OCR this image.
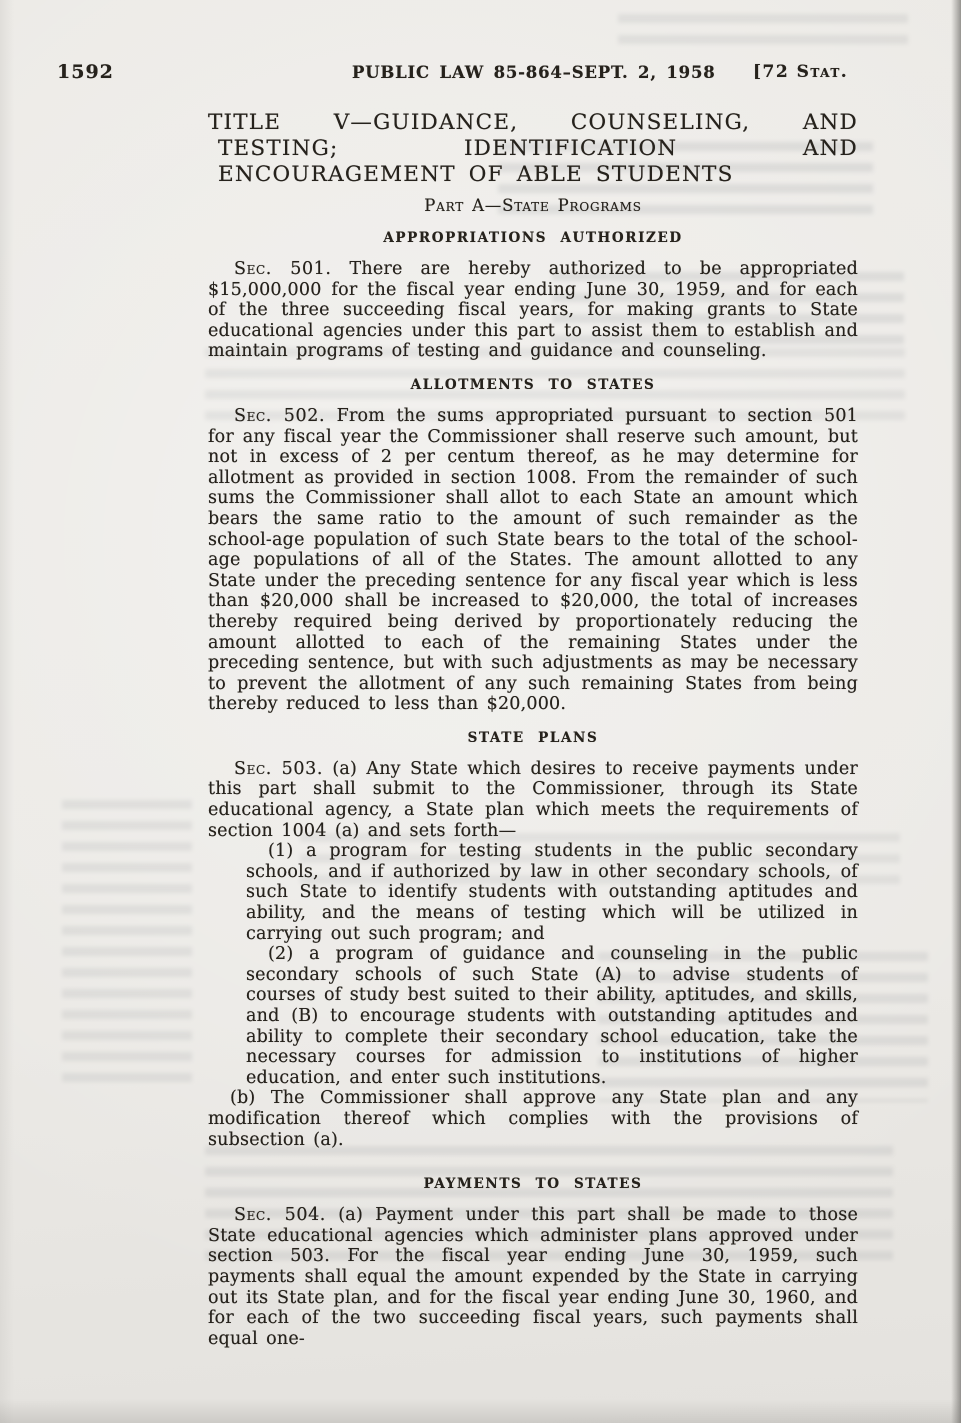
1592	PUBLIC LAW 85-864–SEPT. 2, 1958 [72 Stat.
TITLE V—GUIDANCE, COUNSELING, AND TESTING; IDENTIFICATION AND ENCOURAGEMENT OF ABLE STUDENTS
Part A—State Programs
APPROPRIATIONS AUTHORIZED

Sec. 501. There are hereby authorized to be appropriated $15,000,000 for the fiscal year ending June 30, 1959, and for each of the three succeeding fiscal years, for making grants to State educational agencies under this part to assist them to establish and maintain programs of testing and guidance and counseling.

ALLOTMENTS TO STATES

Sec. 502. From the sums appropriated pursuant to section 501 for any fiscal year the Commissioner shall reserve such amount, but not in excess of 2 per centum thereof, as he may determine for allotment as provided in section 1008. From the remainder of such sums the Commissioner shall allot to each State an amount which bears the same ratio to the amount of such remainder as the school-age population of such State bears to the total of the school-age populations of all of the States. The amount allotted to any State under the preceding sentence for any fiscal year which is less than $20,000 shall be increased to $20,000, the total of increases thereby required being derived by proportionately reducing the amount allotted to each of the remaining States under the preceding sentence, but with such adjustments as may be necessary to prevent the allotment of any such remaining States from being thereby reduced to less than $20,000.

STATE PLANS

Sec. 503. (a) Any State which desires to receive payments under this part shall submit to the Commissioner, through its State educational agency, a State plan which meets the requirements of section 1004 (a) and sets forth—

(1) a program for testing students in the public secondary schools, and if authorized by law in other secondary schools, of such State to identify students with outstanding aptitudes and ability, and the means of testing which will be utilized in carrying out such program; and

(2) a program of guidance and counseling in the public secondary schools of such State (A) to advise students of courses of study best suited to their ability, aptitudes, and skills, and (B) to encourage students with outstanding aptitudes and ability to complete their secondary school education, take the necessary courses for admission to institutions of higher education, and enter such institutions.

(b) The Commissioner shall approve any State plan and any modification thereof which complies with the provisions of subsection (a).

PAYMENTS TO STATES

Sec. 504. (a) Payment under this part shall be made to those State educational agencies which administer plans approved under section 503. For the fiscal year ending June 30, 1959, such payments shall equal the amount expended by the State in carrying out its State plan, and for the fiscal year ending June 30, 1960, and for each of the two succeeding fiscal years, such payments shall equal one-
